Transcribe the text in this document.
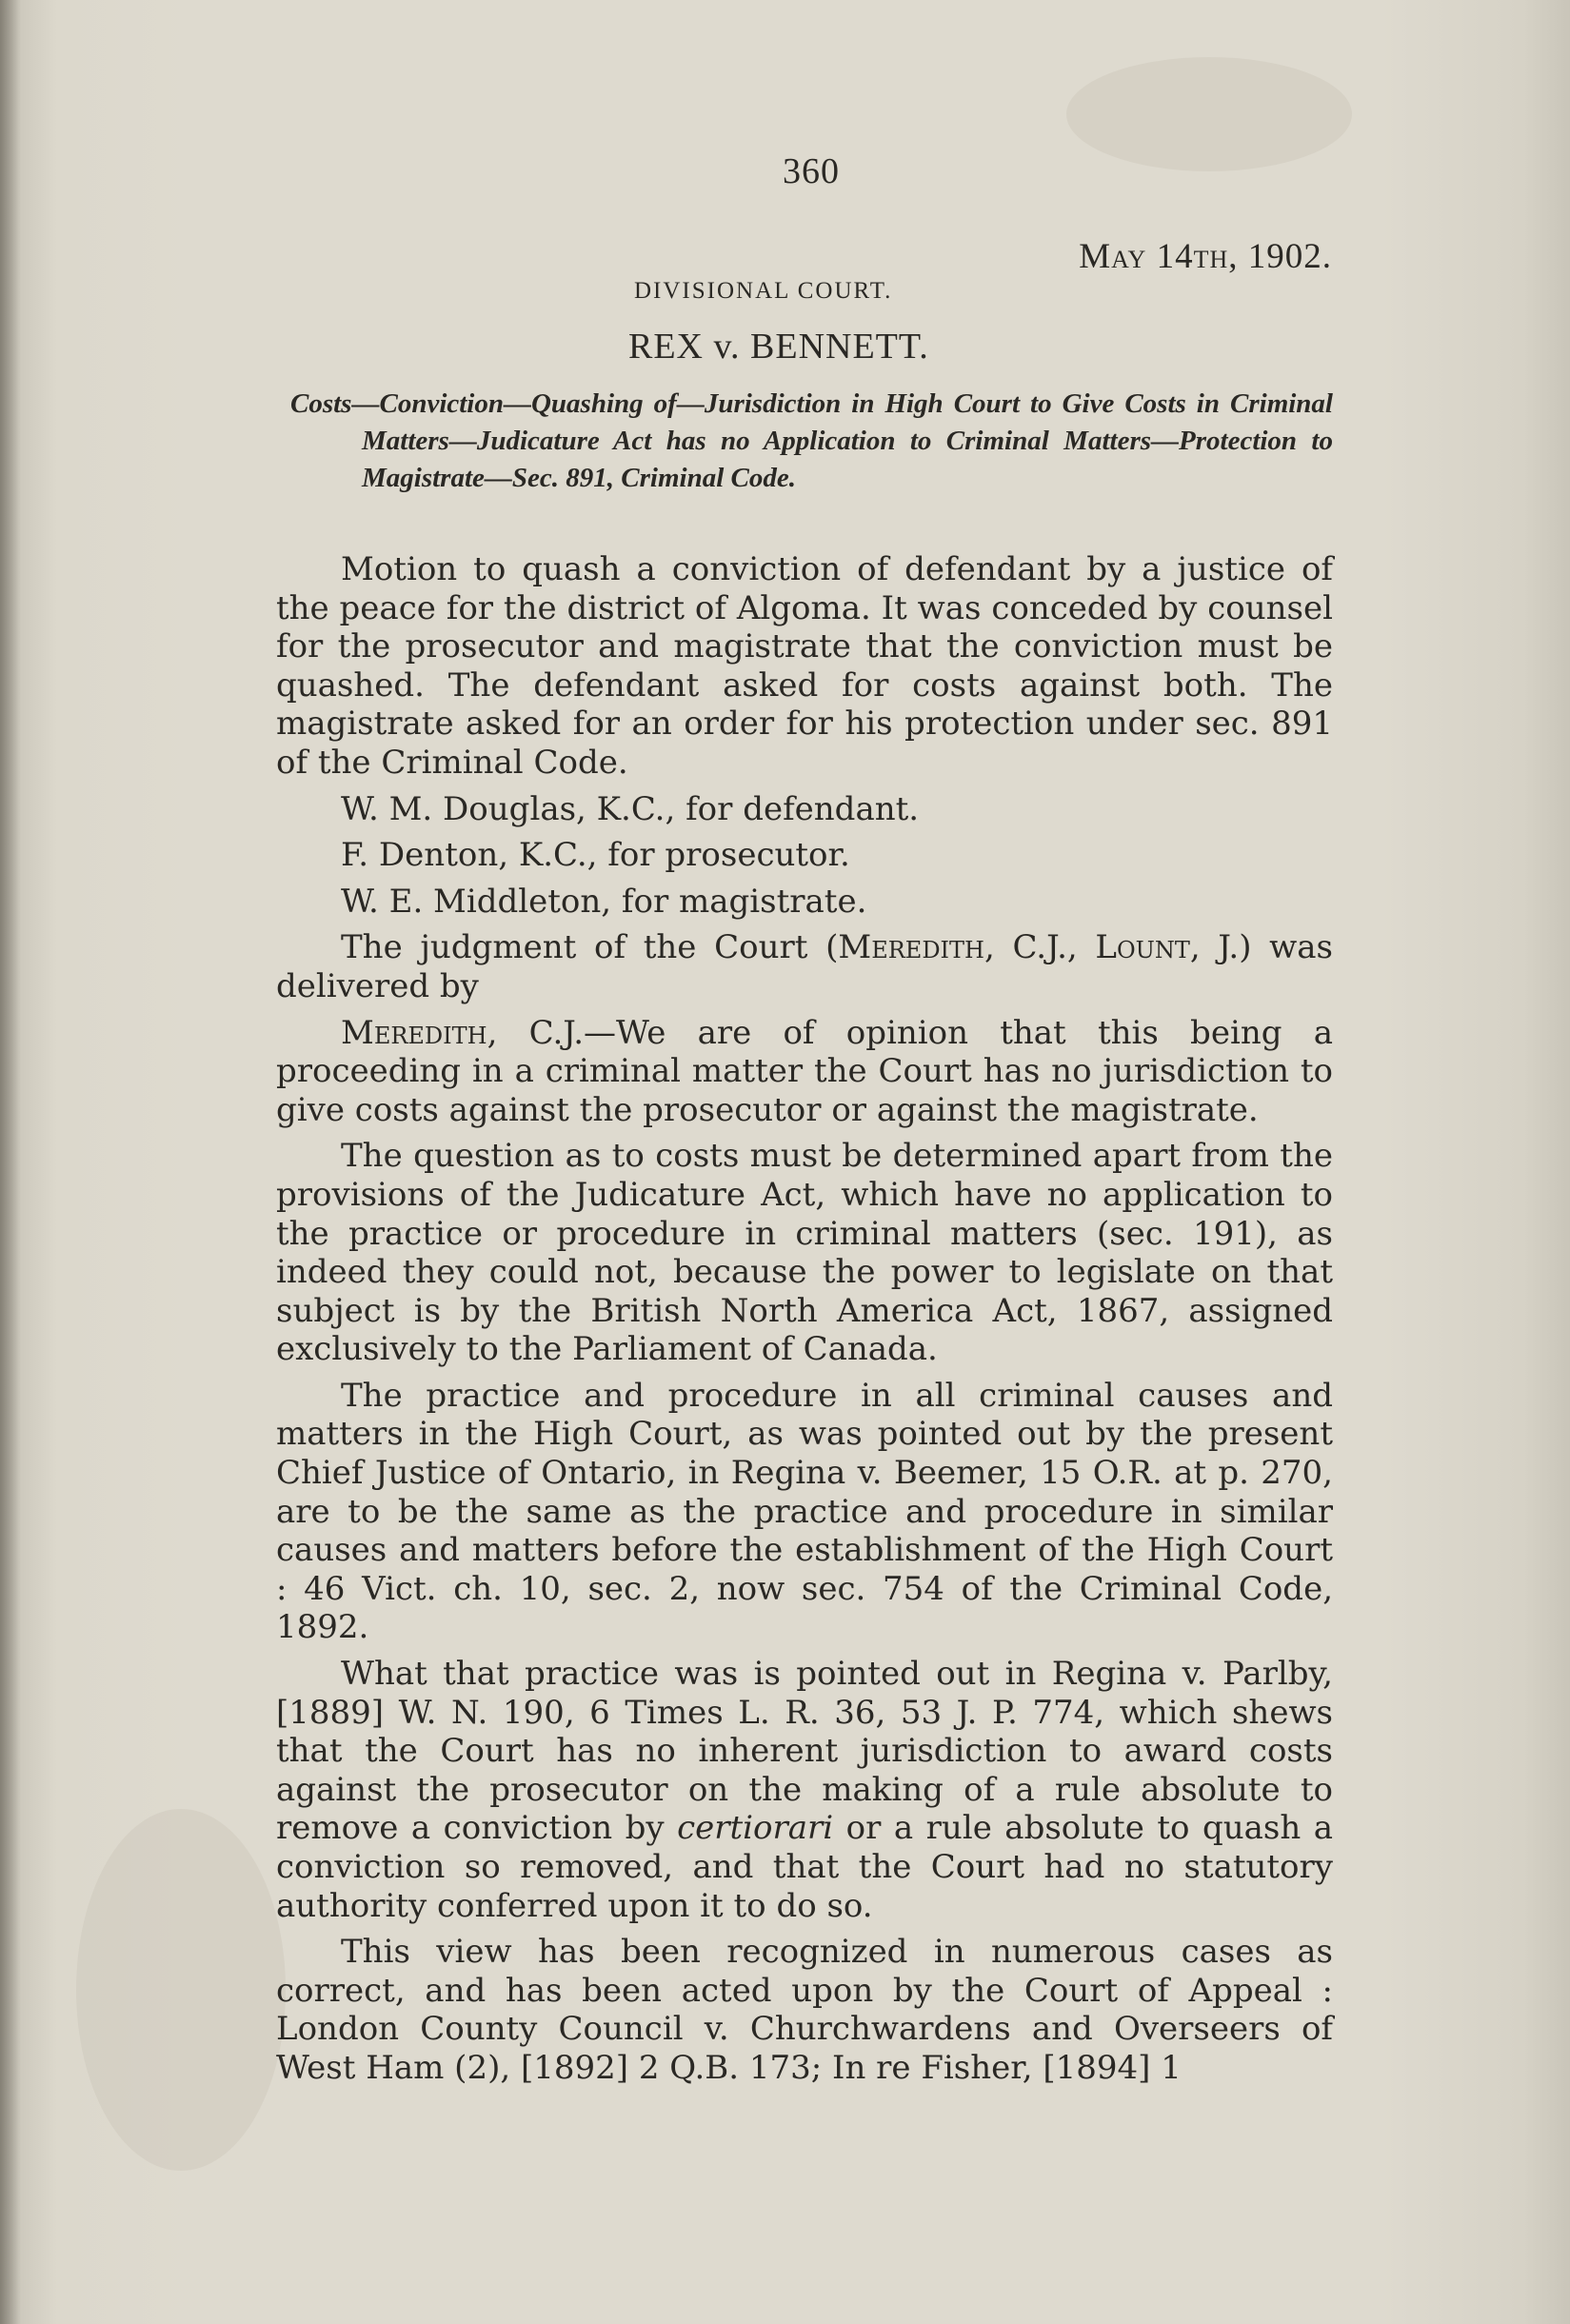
360
May 14th, 1902.
DIVISIONAL COURT.
REX v. BENNETT.
Costs—Conviction—Quashing of—Jurisdiction in High Court to Give Costs in Criminal Matters—Judicature Act has no Application to Criminal Matters—Protection to Magistrate—Sec. 891, Criminal Code.

Motion to quash a conviction of defendant by a justice of the peace for the district of Algoma. It was conceded by counsel for the prosecutor and magistrate that the conviction must be quashed. The defendant asked for costs against both. The magistrate asked for an order for his protection under sec. 891 of the Criminal Code.

W. M. Douglas, K.C., for defendant.

F. Denton, K.C., for prosecutor.

W. E. Middleton, for magistrate.

The judgment of the Court (Meredith, C.J., Lount, J.) was delivered by

Meredith, C.J.—We are of opinion that this being a proceeding in a criminal matter the Court has no jurisdiction to give costs against the prosecutor or against the magistrate.

The question as to costs must be determined apart from the provisions of the Judicature Act, which have no application to the practice or procedure in criminal matters (sec. 191), as indeed they could not, because the power to legislate on that subject is by the British North America Act, 1867, assigned exclusively to the Parliament of Canada.

The practice and procedure in all criminal causes and matters in the High Court, as was pointed out by the present Chief Justice of Ontario, in Regina v. Beemer, 15 O.R. at p. 270, are to be the same as the practice and procedure in similar causes and matters before the establishment of the High Court : 46 Vict. ch. 10, sec. 2, now sec. 754 of the Criminal Code, 1892.

What that practice was is pointed out in Regina v. Parlby, [1889] W. N. 190, 6 Times L. R. 36, 53 J. P. 774, which shews that the Court has no inherent jurisdiction to award costs against the prosecutor on the making of a rule absolute to remove a conviction by certiorari or a rule absolute to quash a conviction so removed, and that the Court had no statutory authority conferred upon it to do so.

This view has been recognized in numerous cases as correct, and has been acted upon by the Court of Appeal : London County Council v. Churchwardens and Overseers of West Ham (2), [1892] 2 Q.B. 173; In re Fisher, [1894] 1
